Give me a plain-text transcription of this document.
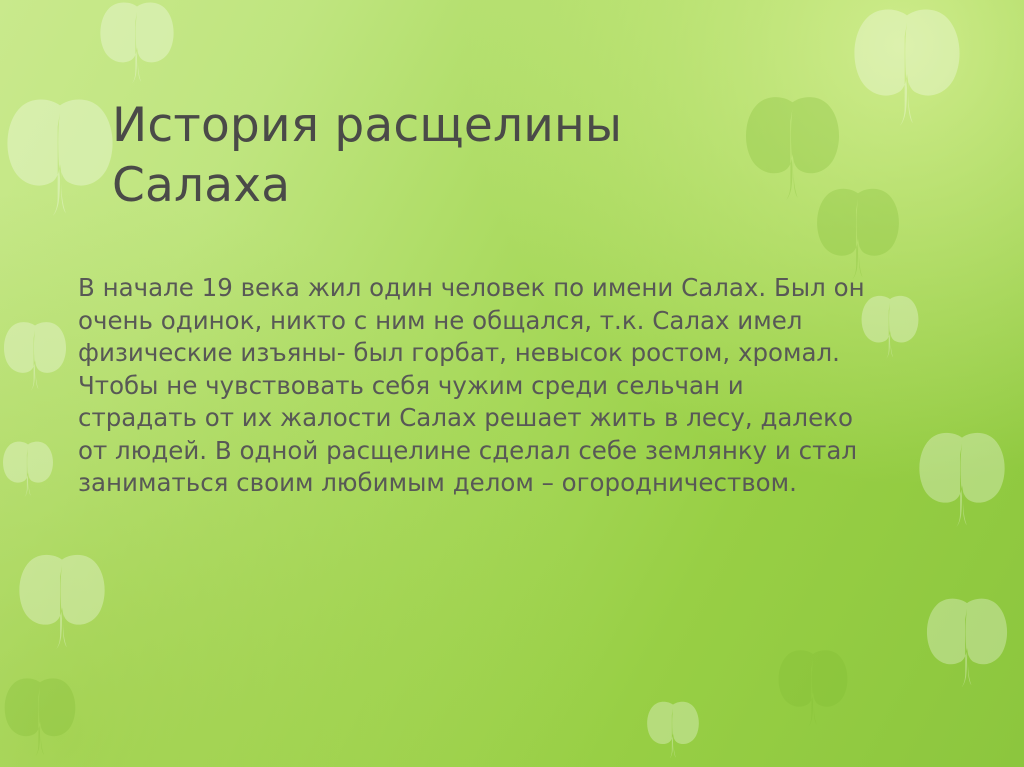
История расщелины Салаха

В начале 19 века жил один человек по имени Салах. Был он очень одинок, никто с ним не общался, т.к. Салах имел физические изъяны- был горбат, невысок ростом, хромал. Чтобы не чувствовать себя чужим среди сельчан и страдать от их жалости Салах решает жить в лесу, далеко от людей. В одной расщелине сделал себе землянку и стал заниматься своим любимым делом – огородничеством.
